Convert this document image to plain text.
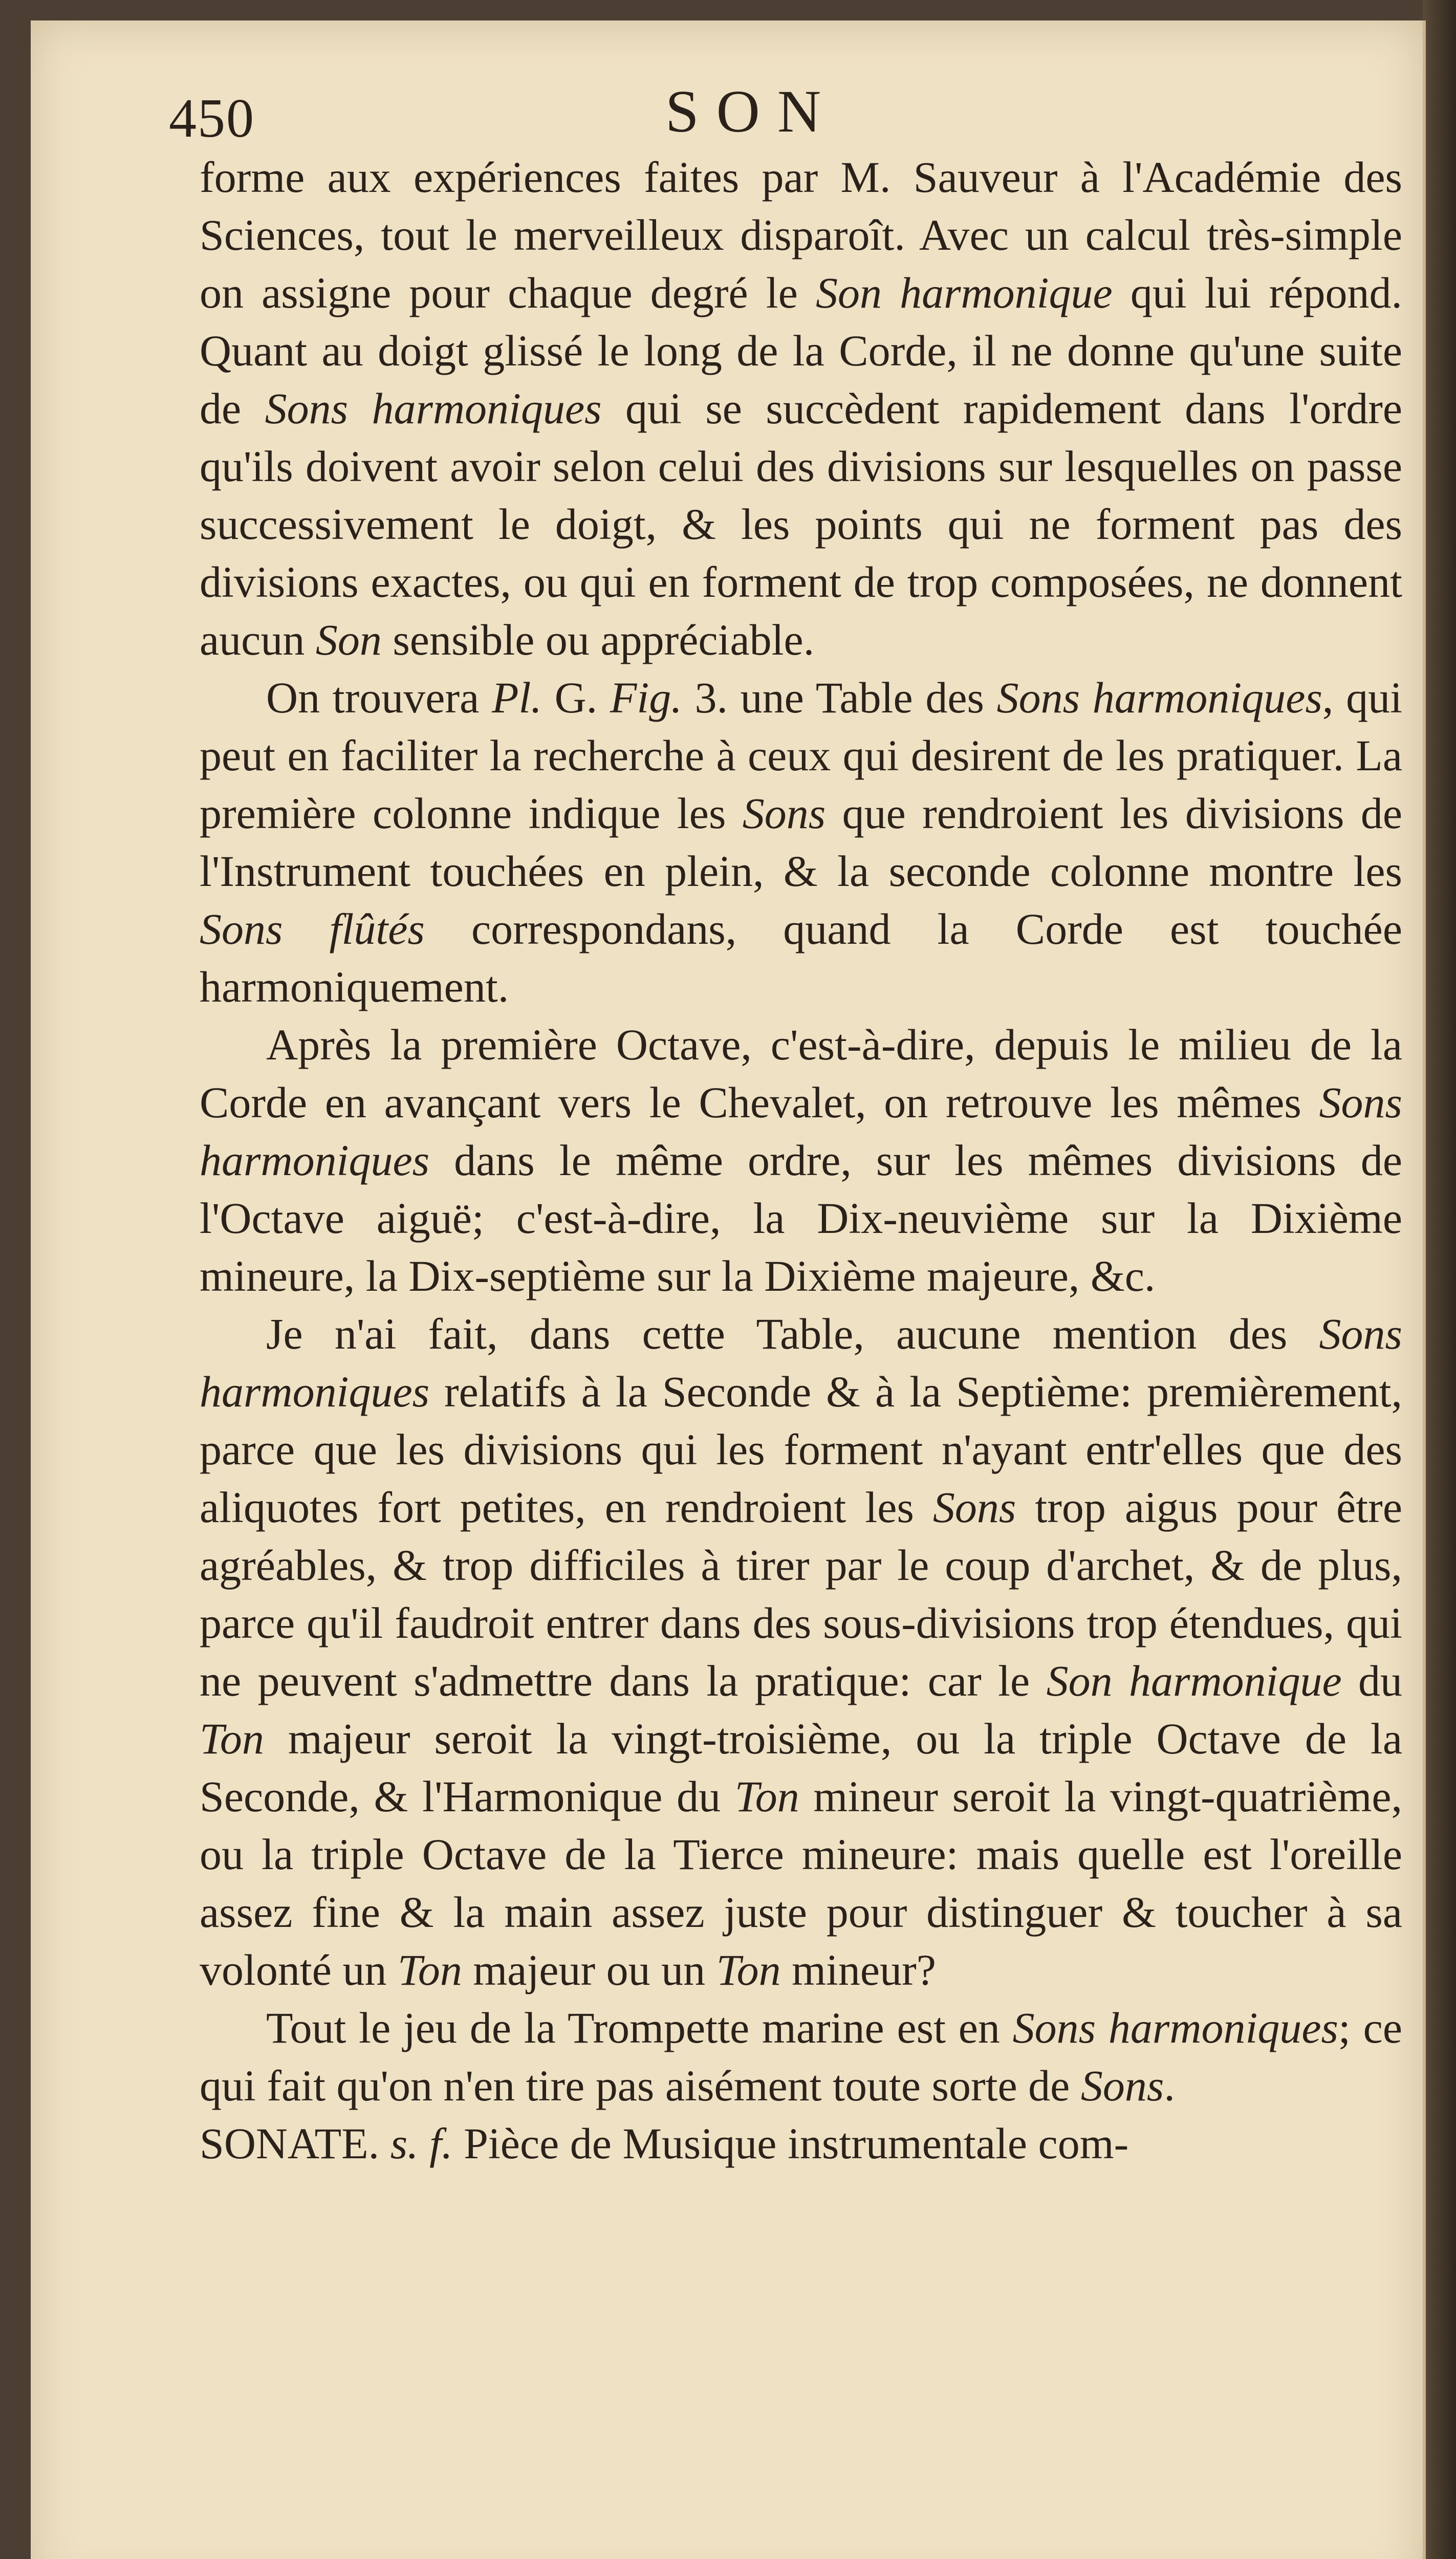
450	SON

forme aux expériences faites par M. Sauveur à l'Académie des Sciences, tout le merveilleux disparoît. Avec un calcul très-simple on assigne pour chaque degré le Son harmonique qui lui répond. Quant au doigt glissé le long de la Corde, il ne donne qu'une suite de Sons harmoniques qui se succèdent rapidement dans l'ordre qu'ils doivent avoir selon celui des divisions sur lesquelles on passe successivement le doigt, & les points qui ne forment pas des divisions exactes, ou qui en forment de trop composées, ne donnent aucun Son sensible ou appréciable.

On trouvera Pl. G. Fig. 3. une Table des Sons harmoniques, qui peut en faciliter la recherche à ceux qui desirent de les pratiquer. La première colonne indique les Sons que rendroient les divisions de l'Instrument touchées en plein, & la seconde colonne montre les Sons flûtés correspondans, quand la Corde est touchée harmoniquement.

Après la première Octave, c'est-à-dire, depuis le milieu de la Corde en avançant vers le Chevalet, on retrouve les mêmes Sons harmoniques dans le même ordre, sur les mêmes divisions de l'Octave aiguë; c'est-à-dire, la Dix-neuvième sur la Dixième mineure, la Dix-septième sur la Dixième majeure, &c.

Je n'ai fait, dans cette Table, aucune mention des Sons harmoniques relatifs à la Seconde & à la Septième: premièrement, parce que les divisions qui les forment n'ayant entr'elles que des aliquotes fort petites, en rendroient les Sons trop aigus pour être agréables, & trop difficiles à tirer par le coup d'archet, & de plus, parce qu'il faudroit entrer dans des sous-divisions trop étendues, qui ne peuvent s'admettre dans la pratique: car le Son harmonique du Ton majeur seroit la vingt-troisième, ou la triple Octave de la Seconde, & l'Harmonique du Ton mineur seroit la vingt-quatrième, ou la triple Octave de la Tierce mineure: mais quelle est l'oreille assez fine & la main assez juste pour distinguer & toucher à sa volonté un Ton majeur ou un Ton mineur?

Tout le jeu de la Trompette marine est en Sons harmoniques; ce qui fait qu'on n'en tire pas aisément toute sorte de Sons.

SONATE. s. f. Pièce de Musique instrumentale com-
